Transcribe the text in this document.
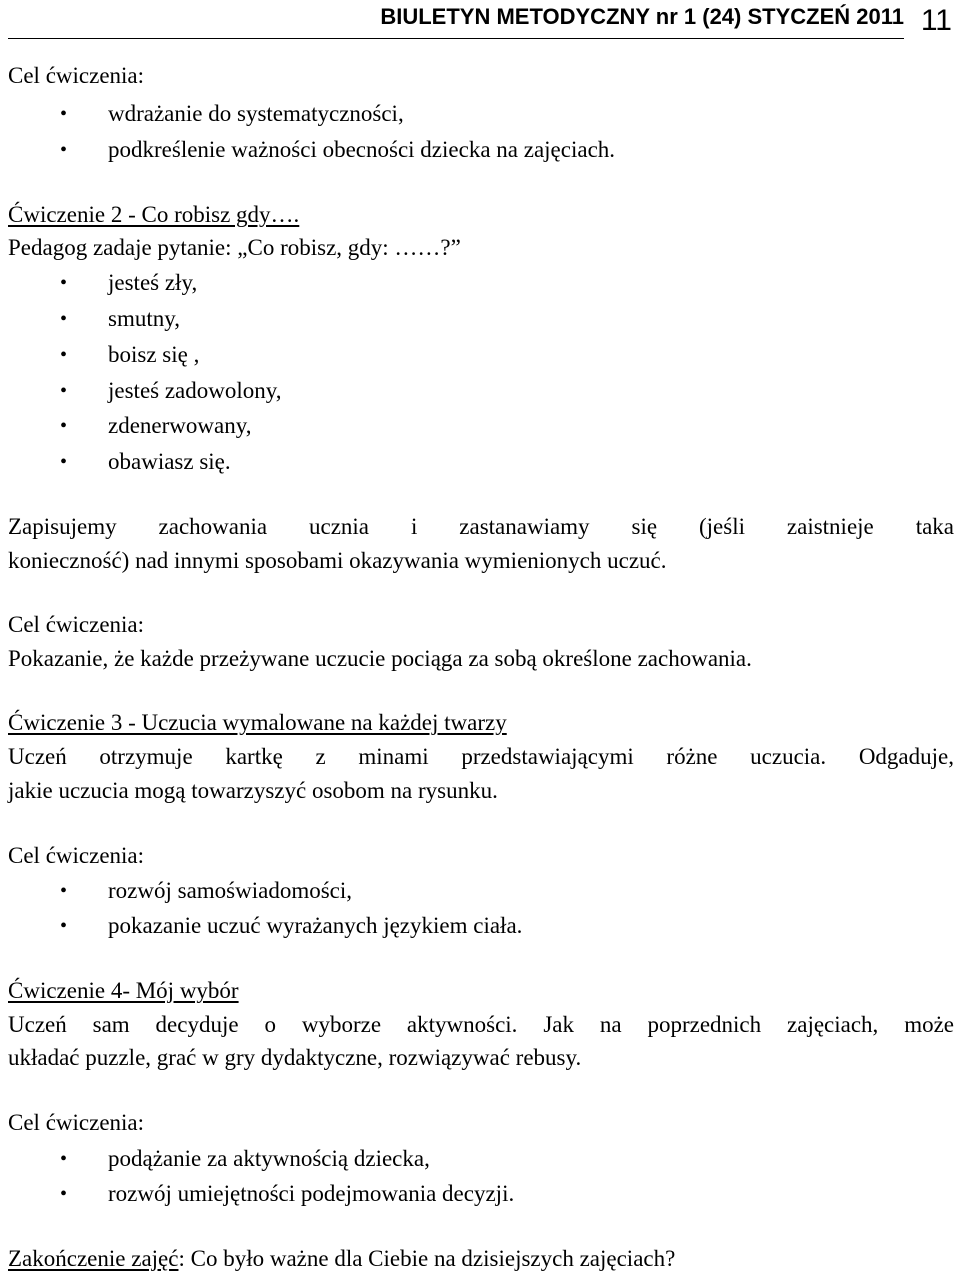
BIULETYN METODYCZNY nr 1 (24) STYCZEŃ 2011 11
Cel ćwiczenia:
• wdrażanie do systematyczności,
• podkreślenie ważności obecności dziecka na zajęciach.
Ćwiczenie 2 - Co robisz gdy….
Pedagog zadaje pytanie: „Co robisz, gdy: ……?”
• jesteś zły,
• smutny,
• boisz się ,
• jesteś zadowolony,
• zdenerwowany,
• obawiasz się.
Zapisujemy zachowania ucznia i zastanawiamy się (jeśli zaistnieje taka
konieczność) nad innymi sposobami okazywania wymienionych uczuć.
Cel ćwiczenia:
Pokazanie, że każde przeżywane uczucie pociąga za sobą określone zachowania.
Ćwiczenie 3 - Uczucia wymalowane na każdej twarzy
Uczeń otrzymuje kartkę z minami przedstawiającymi różne uczucia. Odgaduje,
jakie uczucia mogą towarzyszyć osobom na rysunku.
Cel ćwiczenia:
• rozwój samoświadomości,
• pokazanie uczuć wyrażanych językiem ciała.
Ćwiczenie 4- Mój wybór
Uczeń sam decyduje o wyborze aktywności. Jak na poprzednich zajęciach, może
układać puzzle, grać w gry dydaktyczne, rozwiązywać rebusy.
Cel ćwiczenia:
• podążanie za aktywnością dziecka,
• rozwój umiejętności podejmowania decyzji.
Zakończenie zajęć: Co było ważne dla Ciebie na dzisiejszych zajęciach?
